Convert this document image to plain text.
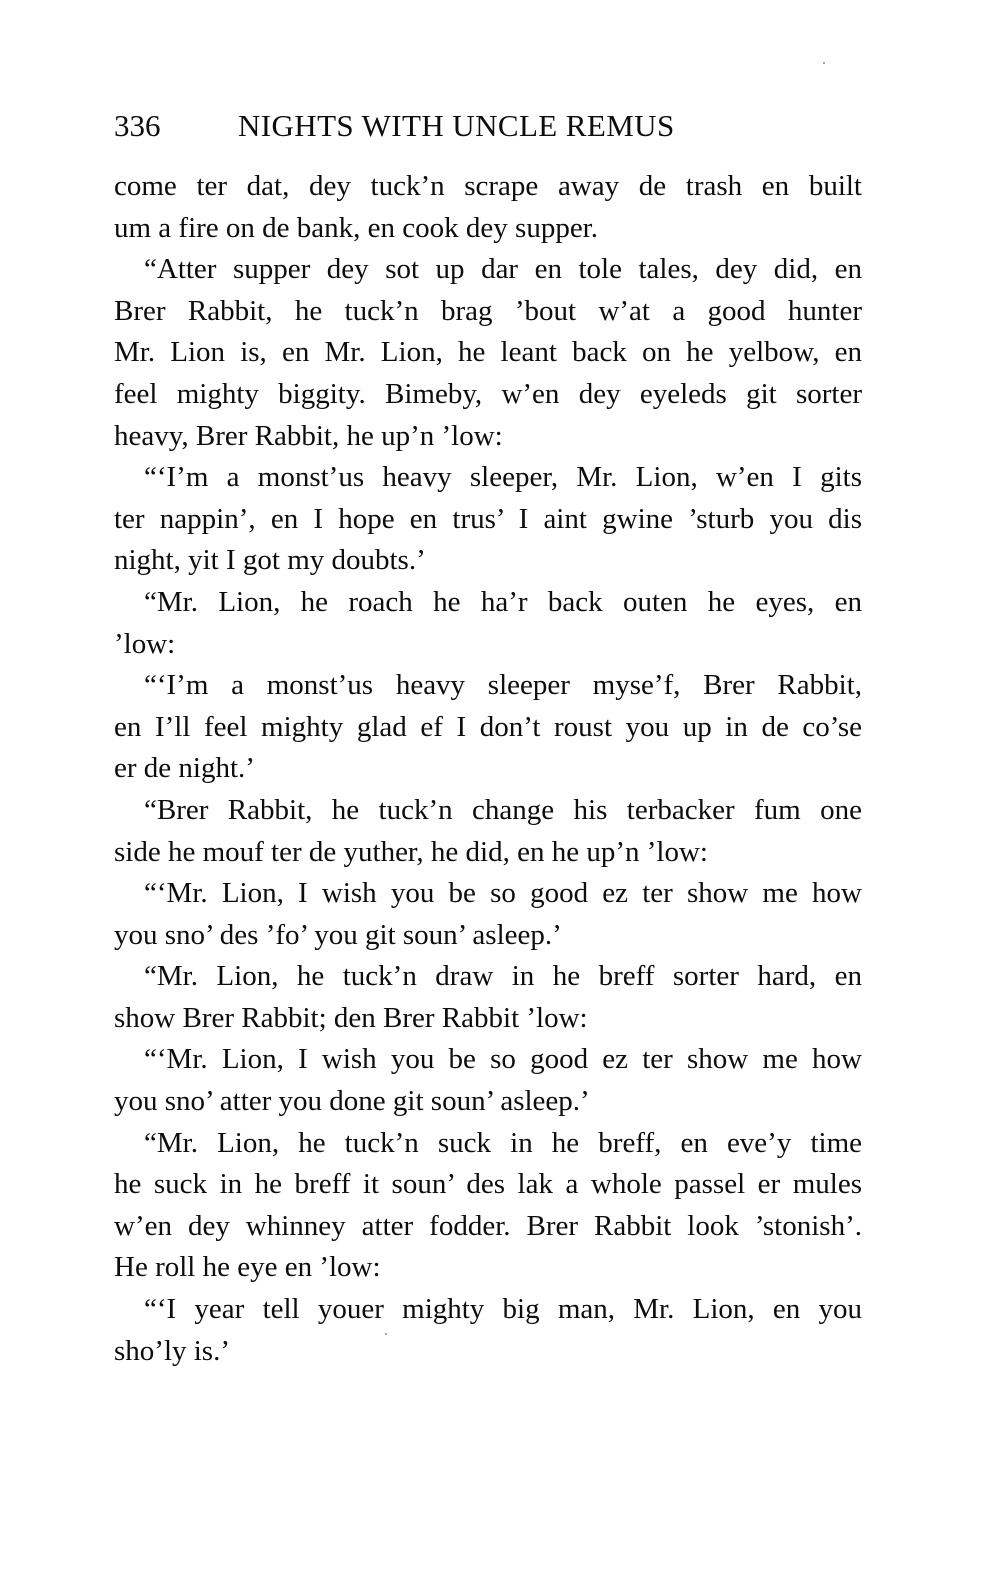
336	NIGHTS WITH UNCLE REMUS
come ter dat, dey tuck’n scrape away de trash en built
um a fire on de bank, en cook dey supper.
“Atter supper dey sot up dar en tole tales, dey did, en
Brer Rabbit, he tuck’n brag ’bout w’at a good hunter
Mr. Lion is, en Mr. Lion, he leant back on he yelbow, en
feel mighty biggity. Bimeby, w’en dey eyeleds git sorter
heavy, Brer Rabbit, he up’n ’low:
“‘I’m a monst’us heavy sleeper, Mr. Lion, w’en I gits
ter nappin’, en I hope en trus’ I aint gwine ’sturb you dis
night, yit I got my doubts.’
“Mr. Lion, he roach he ha’r back outen he eyes, en
’low:
“‘I’m a monst’us heavy sleeper myse’f, Brer Rabbit,
en I’ll feel mighty glad ef I don’t roust you up in de co’se
er de night.’
“Brer Rabbit, he tuck’n change his terbacker fum one
side he mouf ter de yuther, he did, en he up’n ’low:
“‘Mr. Lion, I wish you be so good ez ter show me how
you sno’ des ’fo’ you git soun’ asleep.’
“Mr. Lion, he tuck’n draw in he breff sorter hard, en
show Brer Rabbit; den Brer Rabbit ’low:
“‘Mr. Lion, I wish you be so good ez ter show me how
you sno’ atter you done git soun’ asleep.’
“Mr. Lion, he tuck’n suck in he breff, en eve’y time
he suck in he breff it soun’ des lak a whole passel er mules
w’en dey whinney atter fodder. Brer Rabbit look ’stonish’.
He roll he eye en ’low:
“‘I year tell youer mighty big man, Mr. Lion, en you
sho’ly is.’
